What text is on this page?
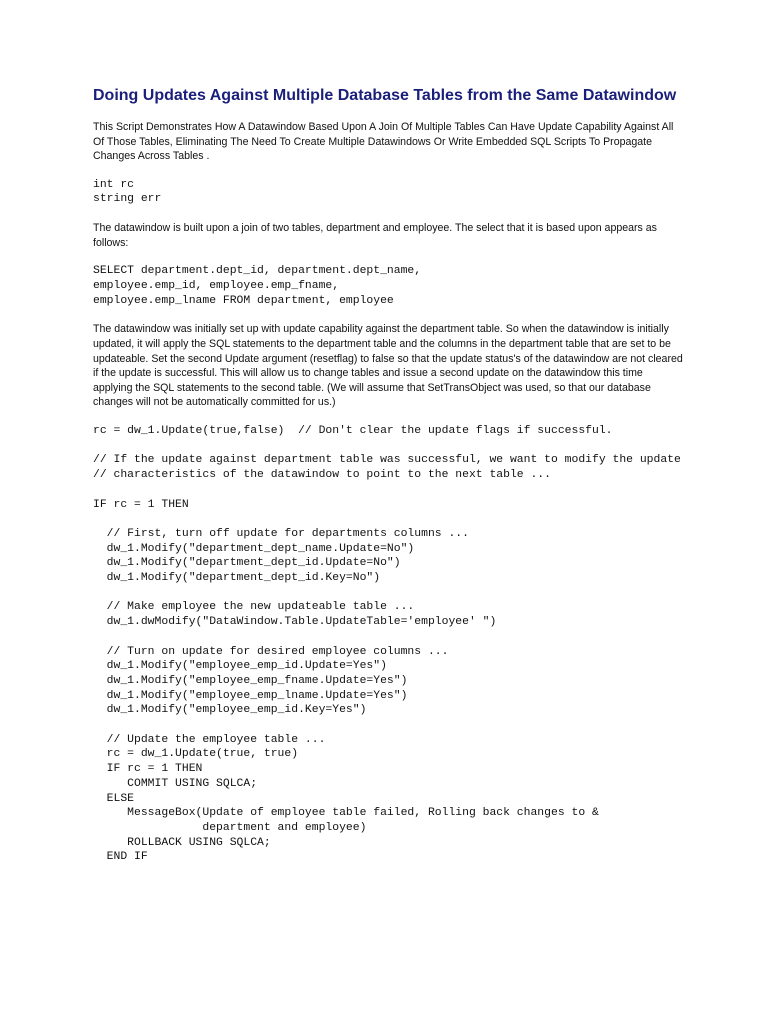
Doing Updates Against Multiple Database Tables from the Same Datawindow

This Script Demonstrates How A Datawindow Based Upon A Join Of Multiple Tables Can Have Update Capability Against All Of Those Tables, Eliminating The Need To Create Multiple Datawindows Or Write Embedded SQL Scripts To Propagate Changes Across Tables .

int rc
string err

The datawindow is built upon a join of two tables, department and employee. The select that it is based upon appears as follows:

SELECT department.dept_id, department.dept_name,
employee.emp_id, employee.emp_fname,
employee.emp_lname FROM department, employee

The datawindow was initially set up with update capability against the department table. So when the datawindow is initially updated, it will apply the SQL statements to the department table and the columns in the department table that are set to be updateable. Set the second Update argument (resetflag) to false so that the update status's of the datawindow are not cleared if the update is successful. This will allow us to change tables and issue a second update on the datawindow this time applying the SQL statements to the second table. (We will assume that SetTransObject was used, so that our database changes will not be automatically committed for us.)

rc = dw_1.Update(true,false)  // Don't clear the update flags if successful.
// If the update against department table was successful, we want to modify the update
// characteristics of the datawindow to point to the next table ...
IF rc = 1 THEN

// First, turn off update for departments columns ...
dw_1.Modify("department_dept_name.Update=No")
dw_1.Modify("department_dept_id.Update=No")
dw_1.Modify("department_dept_id.Key=No")

// Make employee the new updateable table ...
dw_1.dwModify("DataWindow.Table.UpdateTable='employee' ")

// Turn on update for desired employee columns ...
dw_1.Modify("employee_emp_id.Update=Yes")
dw_1.Modify("employee_emp_fname.Update=Yes")
dw_1.Modify("employee_emp_lname.Update=Yes")
dw_1.Modify("employee_emp_id.Key=Yes")

// Update the employee table ...
rc = dw_1.Update(true, true)
IF rc = 1 THEN
COMMIT USING SQLCA;
ELSE
MessageBox(Update of employee table failed, Rolling back changes to &
department and employee)
ROLLBACK USING SQLCA;
END IF
